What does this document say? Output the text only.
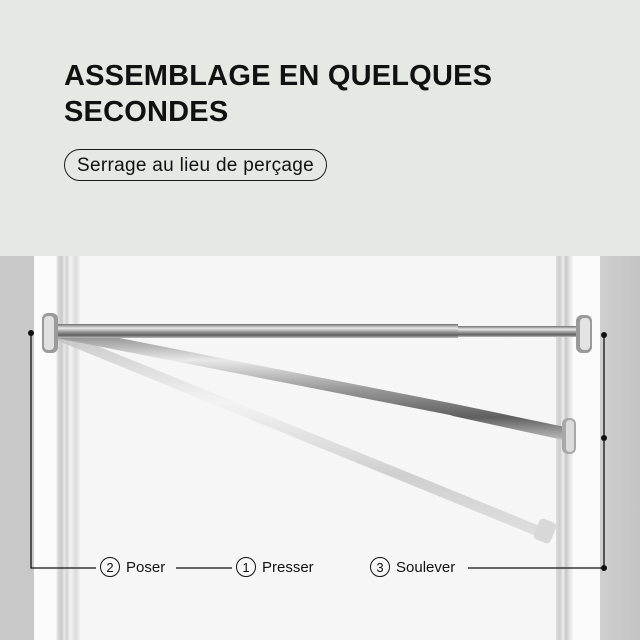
ASSEMBLAGE EN QUELQUES SECONDES
Serrage au lieu de perçage
2 Poser	1 Presser	3 Soulever
